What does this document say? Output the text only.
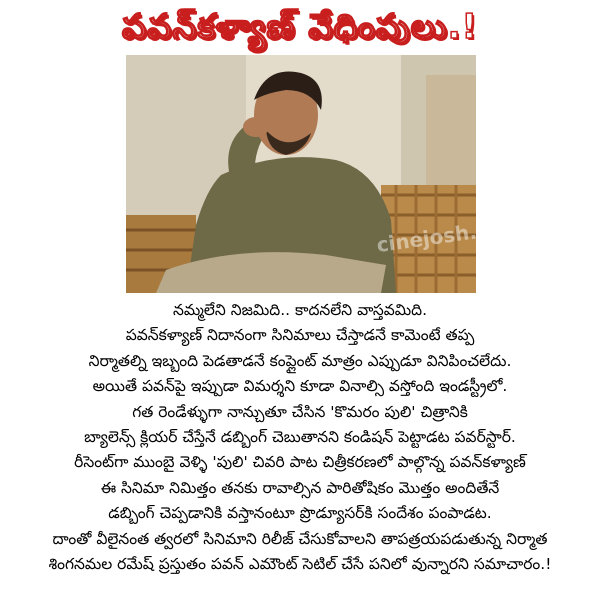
పవన్‌కళ్యాణ్ వేధింపులు.!
cinejosh.com
నమ్మలేని నిజమిది.. కాదనలేని వాస్తవమిది.
పవన్‌కళ్యాణ్ నిదానంగా సినిమాలు చేస్తాడనే కామెంటే తప్ప
నిర్మాతల్ని ఇబ్బంది పెడతాడనే కంప్లైంట్ మాత్రం ఎప్పుడూ వినిపించలేదు.
అయితే పవన్‌పై ఇప్పుడా విమర్శని కూడా వినాల్సి వస్తోంది ఇండస్ట్రీలో.
గత రెండేళ్ళుగా నాన్చుతూ చేసిన 'కొమరం పులి' చిత్రానికి
బ్యాలెన్స్ క్లియర్ చేస్తేనే డబ్బింగ్ చెబుతానని కండిషన్ పెట్టాడట పవర్‌స్టార్.
రీసెంట్‌గా ముంబై వెళ్ళి 'పులి' చివరి పాట చిత్రీకరణలో పాల్గొన్న పవన్‌కళ్యాణ్
ఈ సినిమా నిమిత్తం తనకు రావాల్సిన పారితోషికం మొత్తం అందితేనే
డబ్బింగ్ చెప్పడానికి వస్తానంటూ ప్రొడ్యూసర్‌కి సందేశం పంపాడట.
దాంతో వీలైనంత త్వరలో సినిమాని రిలీజ్ చేసుకోవాలని తాపత్రయపడుతున్న నిర్మాత
శింగనమల రమేష్ ప్రస్తుతం పవన్ ఎమౌంట్ సెటిల్ చేసే పనిలో వున్నారని సమాచారం.!
